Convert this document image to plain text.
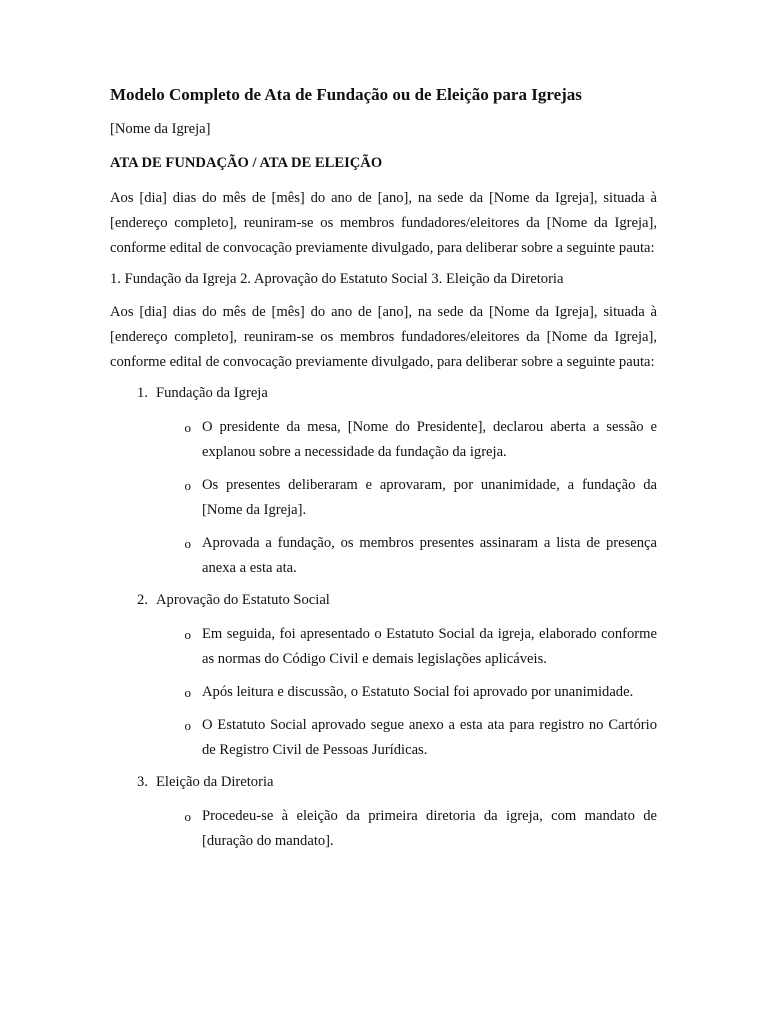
Modelo Completo de Ata de Fundação ou de Eleição para Igrejas
[Nome da Igreja]
ATA DE FUNDAÇÃO / ATA DE ELEIÇÃO
Aos [dia] dias do mês de [mês] do ano de [ano], na sede da [Nome da Igreja], situada à [endereço completo], reuniram-se os membros fundadores/eleitores da [Nome da Igreja], conforme edital de convocação previamente divulgado, para deliberar sobre a seguinte pauta:
1. Fundação da Igreja 2. Aprovação do Estatuto Social 3. Eleição da Diretoria
Aos [dia] dias do mês de [mês] do ano de [ano], na sede da [Nome da Igreja], situada à [endereço completo], reuniram-se os membros fundadores/eleitores da [Nome da Igreja], conforme edital de convocação previamente divulgado, para deliberar sobre a seguinte pauta:
1. Fundação da Igreja
o O presidente da mesa, [Nome do Presidente], declarou aberta a sessão e explanou sobre a necessidade da fundação da igreja.
o Os presentes deliberaram e aprovaram, por unanimidade, a fundação da [Nome da Igreja].
o Aprovada a fundação, os membros presentes assinaram a lista de presença anexa a esta ata.
2. Aprovação do Estatuto Social
o Em seguida, foi apresentado o Estatuto Social da igreja, elaborado conforme as normas do Código Civil e demais legislações aplicáveis.
o Após leitura e discussão, o Estatuto Social foi aprovado por unanimidade.
o O Estatuto Social aprovado segue anexo a esta ata para registro no Cartório de Registro Civil de Pessoas Jurídicas.
3. Eleição da Diretoria
o Procedeu-se à eleição da primeira diretoria da igreja, com mandato de [duração do mandato].
